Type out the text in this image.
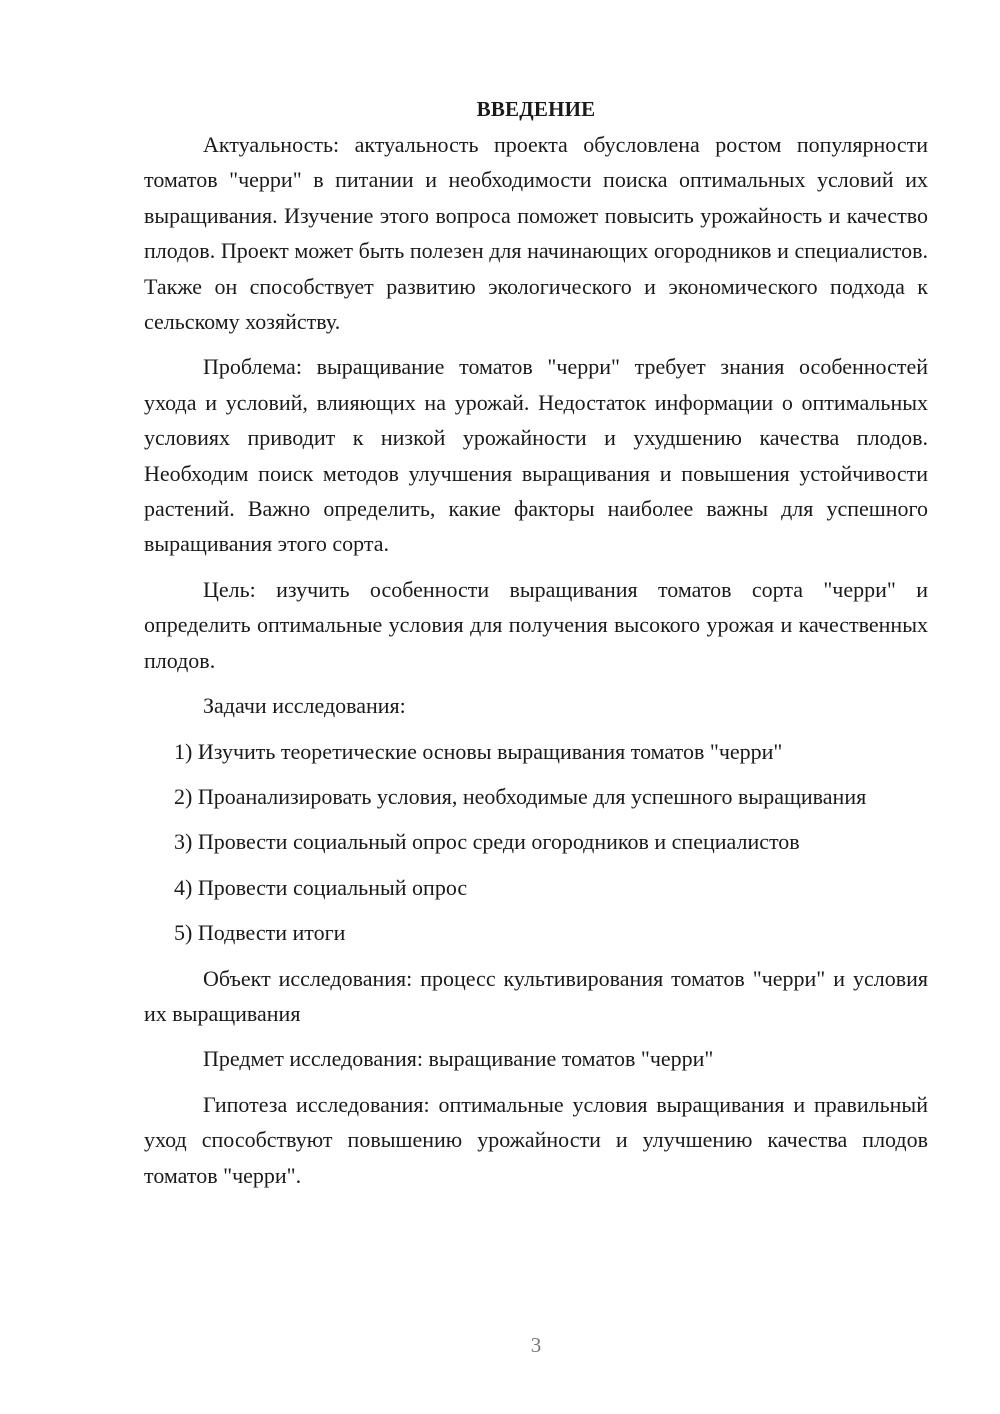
ВВЕДЕНИЕ

Актуальность: актуальность проекта обусловлена ростом популярности томатов "черри" в питании и необходимости поиска оптимальных условий их выращивания. Изучение этого вопроса поможет повысить урожайность и качество плодов. Проект может быть полезен для начинающих огородников и специалистов. Также он способствует развитию экологического и экономического подхода к сельскому хозяйству.

Проблема: выращивание томатов "черри" требует знания особенностей ухода и условий, влияющих на урожай. Недостаток информации о оптимальных условиях приводит к низкой урожайности и ухудшению качества плодов. Необходим поиск методов улучшения выращивания и повышения устойчивости растений. Важно определить, какие факторы наиболее важны для успешного выращивания этого сорта.

Цель: изучить особенности выращивания томатов сорта "черри" и определить оптимальные условия для получения высокого урожая и качественных плодов.

Задачи исследования:

1) Изучить теоретические основы выращивания томатов "черри"

2) Проанализировать условия, необходимые для успешного выращивания

3) Провести социальный опрос среди огородников и специалистов

4) Провести социальный опрос

5) Подвести итоги

Объект исследования: процесс культивирования томатов "черри" и условия их выращивания

Предмет исследования: выращивание томатов "черри"

Гипотеза исследования: оптимальные условия выращивания и правильный уход способствуют повышению урожайности и улучшению качества плодов томатов "черри".

3
